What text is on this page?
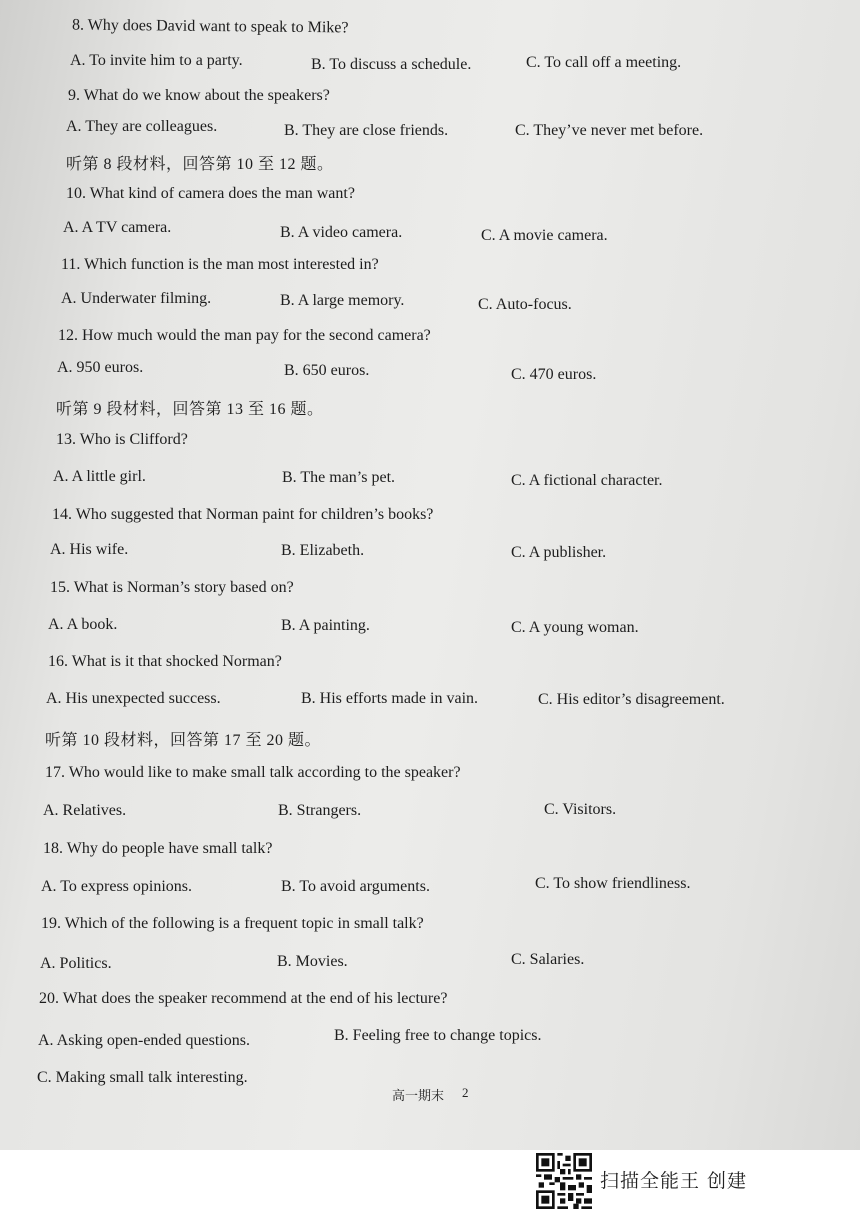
8. Why does David want to speak to Mike?
A. To invite him to a party.	B. To discuss a schedule.	C. To call off a meeting.
9. What do we know about the speakers?
A. They are colleagues.	B. They are close friends.	C. They’ve never met before.
听第 8 段材料，回答第 10 至 12 题。
10. What kind of camera does the man want?
A. A TV camera.	B. A video camera.	C. A movie camera.
11. Which function is the man most interested in?
A. Underwater filming.	B. A large memory.	C. Auto-focus.
12. How much would the man pay for the second camera?
A. 950 euros.	B. 650 euros.	C. 470 euros.
听第 9 段材料，回答第 13 至 16 题。
13. Who is Clifford?
A. A little girl.	B. The man’s pet.	C. A fictional character.
14. Who suggested that Norman paint for children’s books?
A. His wife.	B. Elizabeth.	C. A publisher.
15. What is Norman’s story based on?
A. A book.	B. A painting.	C. A young woman.
16. What is it that shocked Norman?
A. His unexpected success.	B. His efforts made in vain.	C. His editor’s disagreement.
听第 10 段材料，回答第 17 至 20 题。
17. Who would like to make small talk according to the speaker?
A. Relatives.	B. Strangers.	C. Visitors.
18. Why do people have small talk?
A. To express opinions.	B. To avoid arguments.	C. To show friendliness.
19. Which of the following is a frequent topic in small talk?
A. Politics.	B. Movies.	C. Salaries.
20. What does the speaker recommend at the end of his lecture?
A. Asking open-ended questions.	B. Feeling free to change topics.
C. Making small talk interesting.
高一期末 2
扫描全能王 创建
